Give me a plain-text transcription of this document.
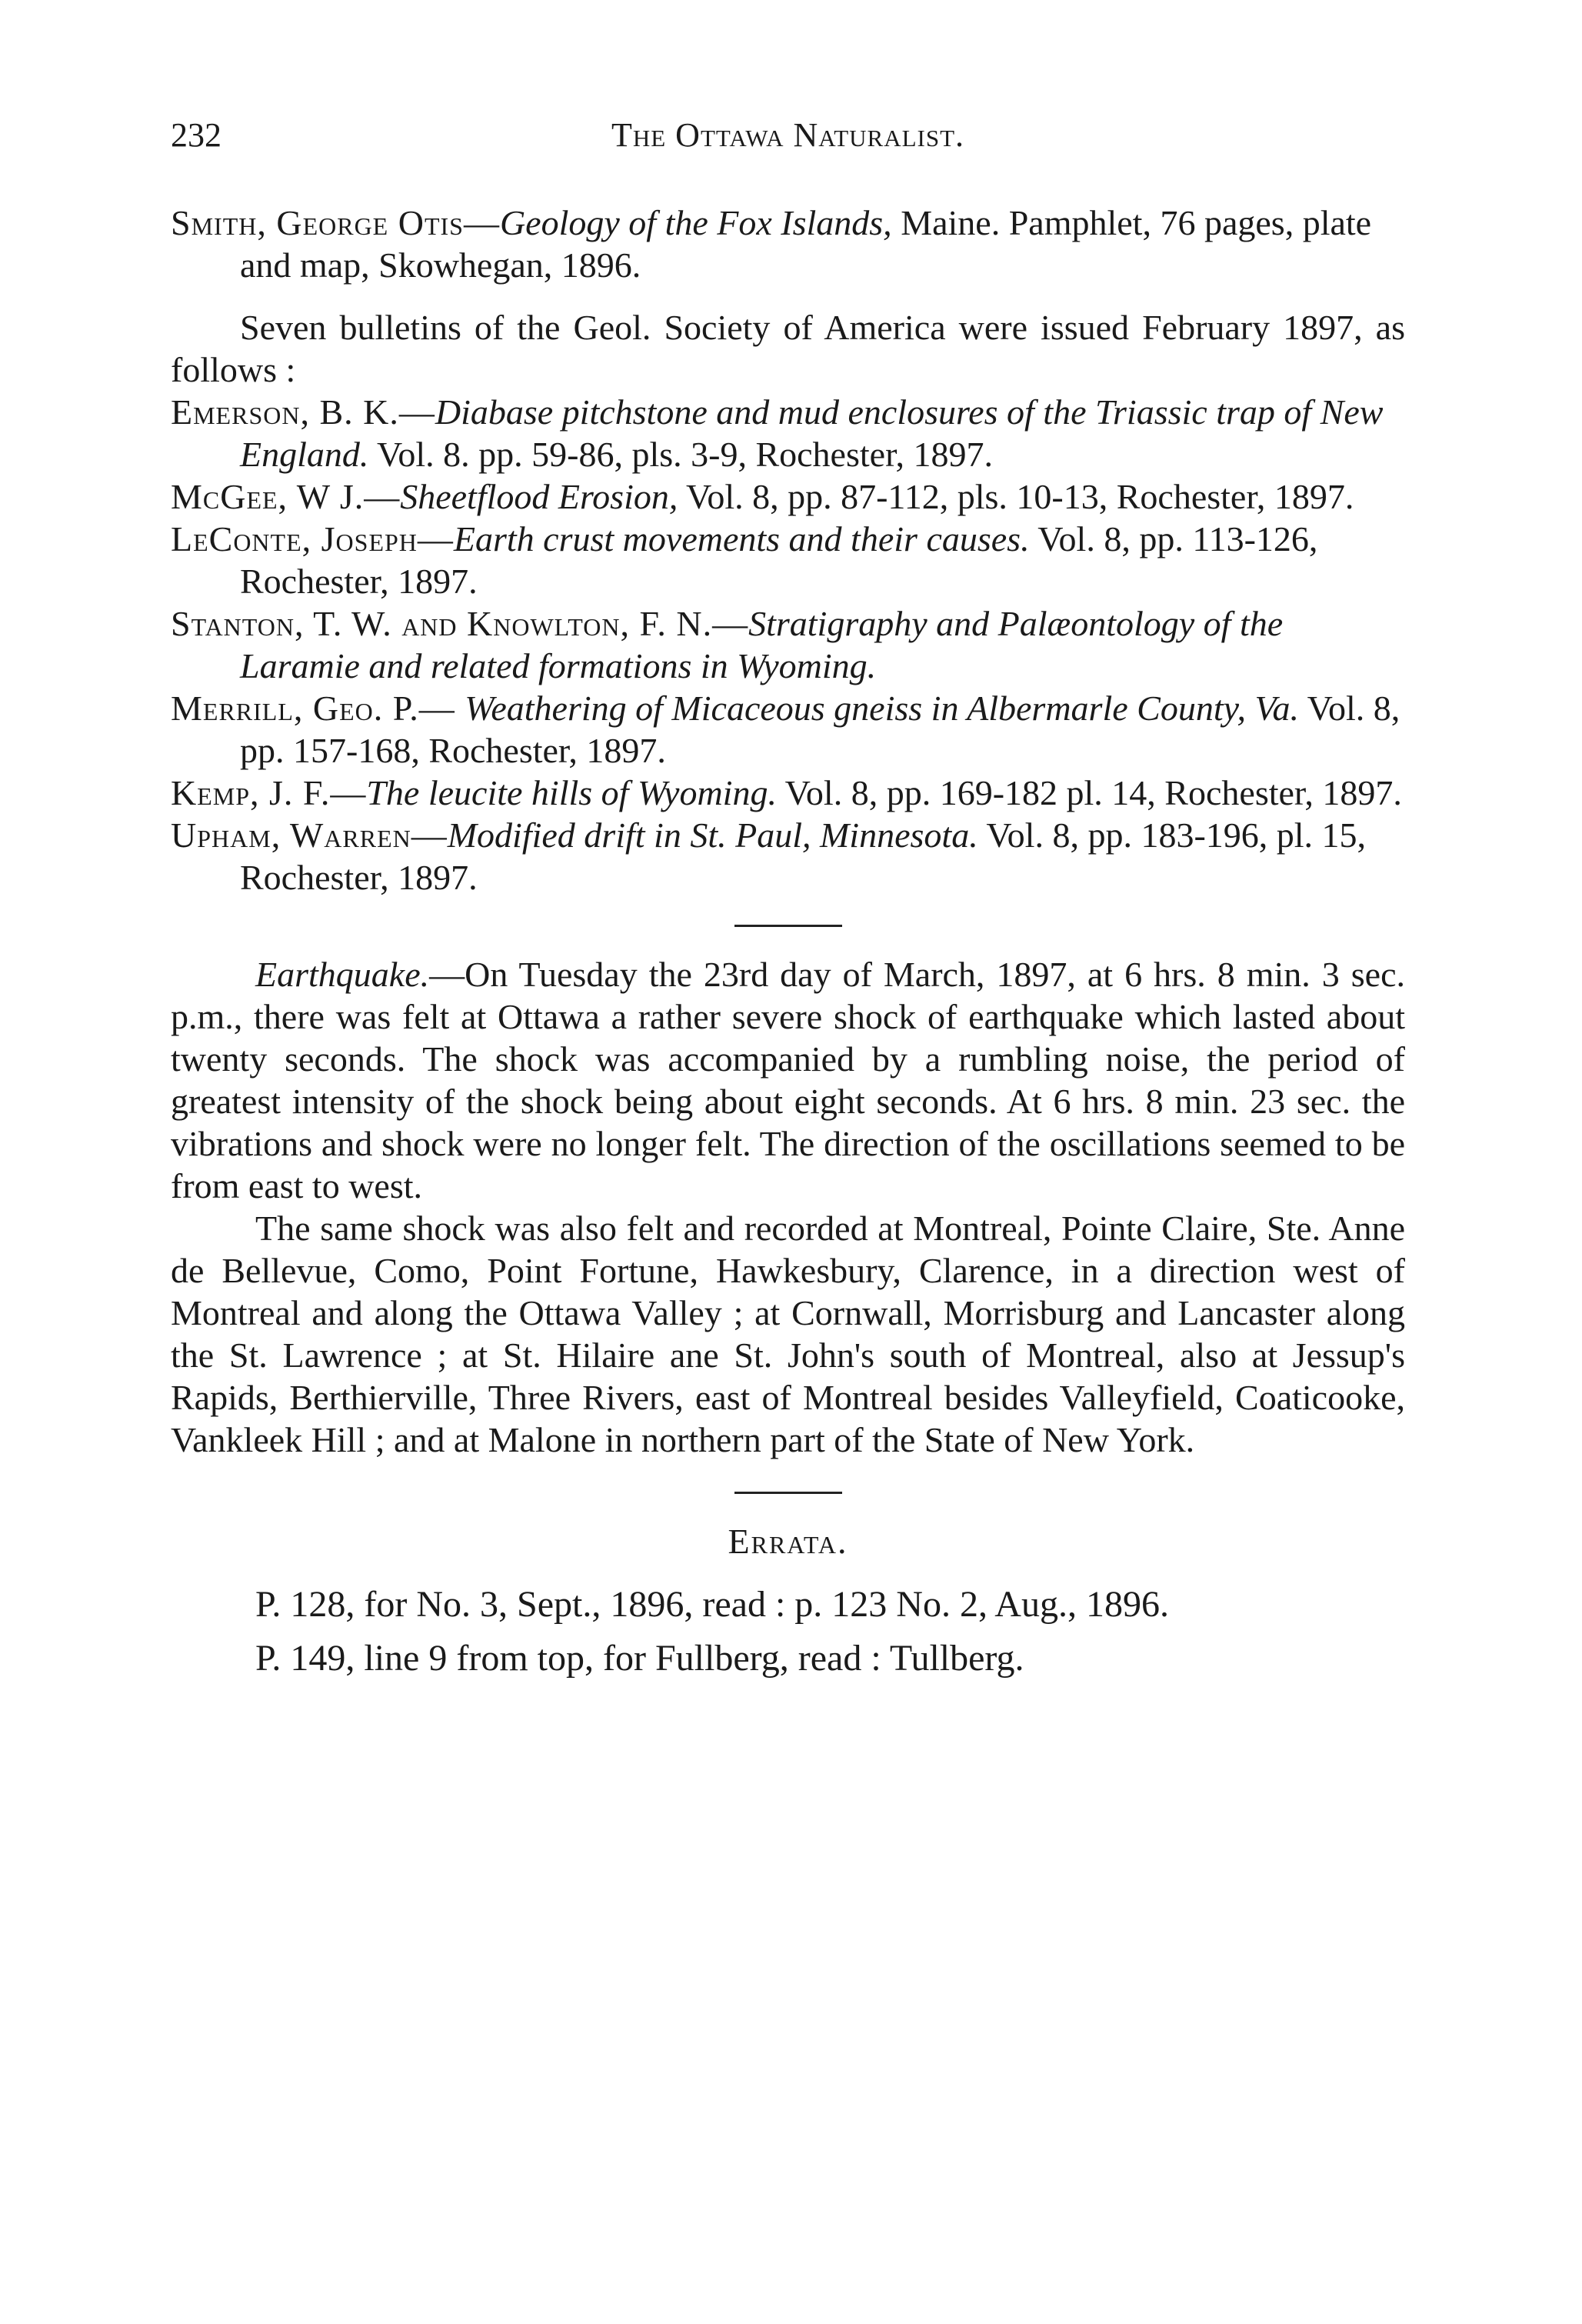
232	The Ottawa Naturalist.

Smith, George Otis—Geology of the Fox Islands, Maine. Pamphlet, 76 pages, plate and map, Skowhegan, 1896.

Seven bulletins of the Geol. Society of America were issued February 1897, as follows :

Emerson, B. K.—Diabase pitchstone and mud enclosures of the Triassic trap of New England. Vol. 8. pp. 59-86, pls. 3-9, Rochester, 1897.

McGee, W J.—Sheetflood Erosion, Vol. 8, pp. 87-112, pls. 10-13, Rochester, 1897.

LeConte, Joseph—Earth crust movements and their causes. Vol. 8, pp. 113-126, Rochester, 1897.

Stanton, T. W. and Knowlton, F. N.—Stratigraphy and Palæontology of the Laramie and related formations in Wyoming.

Merrill, Geo. P.— Weathering of Micaceous gneiss in Albermarle County, Va. Vol. 8, pp. 157-168, Rochester, 1897.

Kemp, J. F.—The leucite hills of Wyoming. Vol. 8, pp. 169-182 pl. 14, Rochester, 1897.

Upham, Warren—Modified drift in St. Paul, Minnesota. Vol. 8, pp. 183-196, pl. 15, Rochester, 1897.

Earthquake.—On Tuesday the 23rd day of March, 1897, at 6 hrs. 8 min. 3 sec. p.m., there was felt at Ottawa a rather severe shock of earthquake which lasted about twenty seconds. The shock was accompanied by a rumbling noise, the period of greatest intensity of the shock being about eight seconds. At 6 hrs. 8 min. 23 sec. the vibrations and shock were no longer felt. The direction of the oscillations seemed to be from east to west.

The same shock was also felt and recorded at Montreal, Pointe Claire, Ste. Anne de Bellevue, Como, Point Fortune, Hawkesbury, Clarence, in a direction west of Montreal and along the Ottawa Valley ; at Cornwall, Morrisburg and Lancaster along the St. Lawrence ; at St. Hilaire ane St. John's south of Montreal, also at Jessup's Rapids, Berthierville, Three Rivers, east of Montreal besides Valleyfield, Coaticooke, Vankleek Hill ; and at Malone in northern part of the State of New York.

Errata.

P. 128, for No. 3, Sept., 1896, read : p. 123 No. 2, Aug., 1896.

P. 149, line 9 from top, for Fullberg, read : Tullberg.
